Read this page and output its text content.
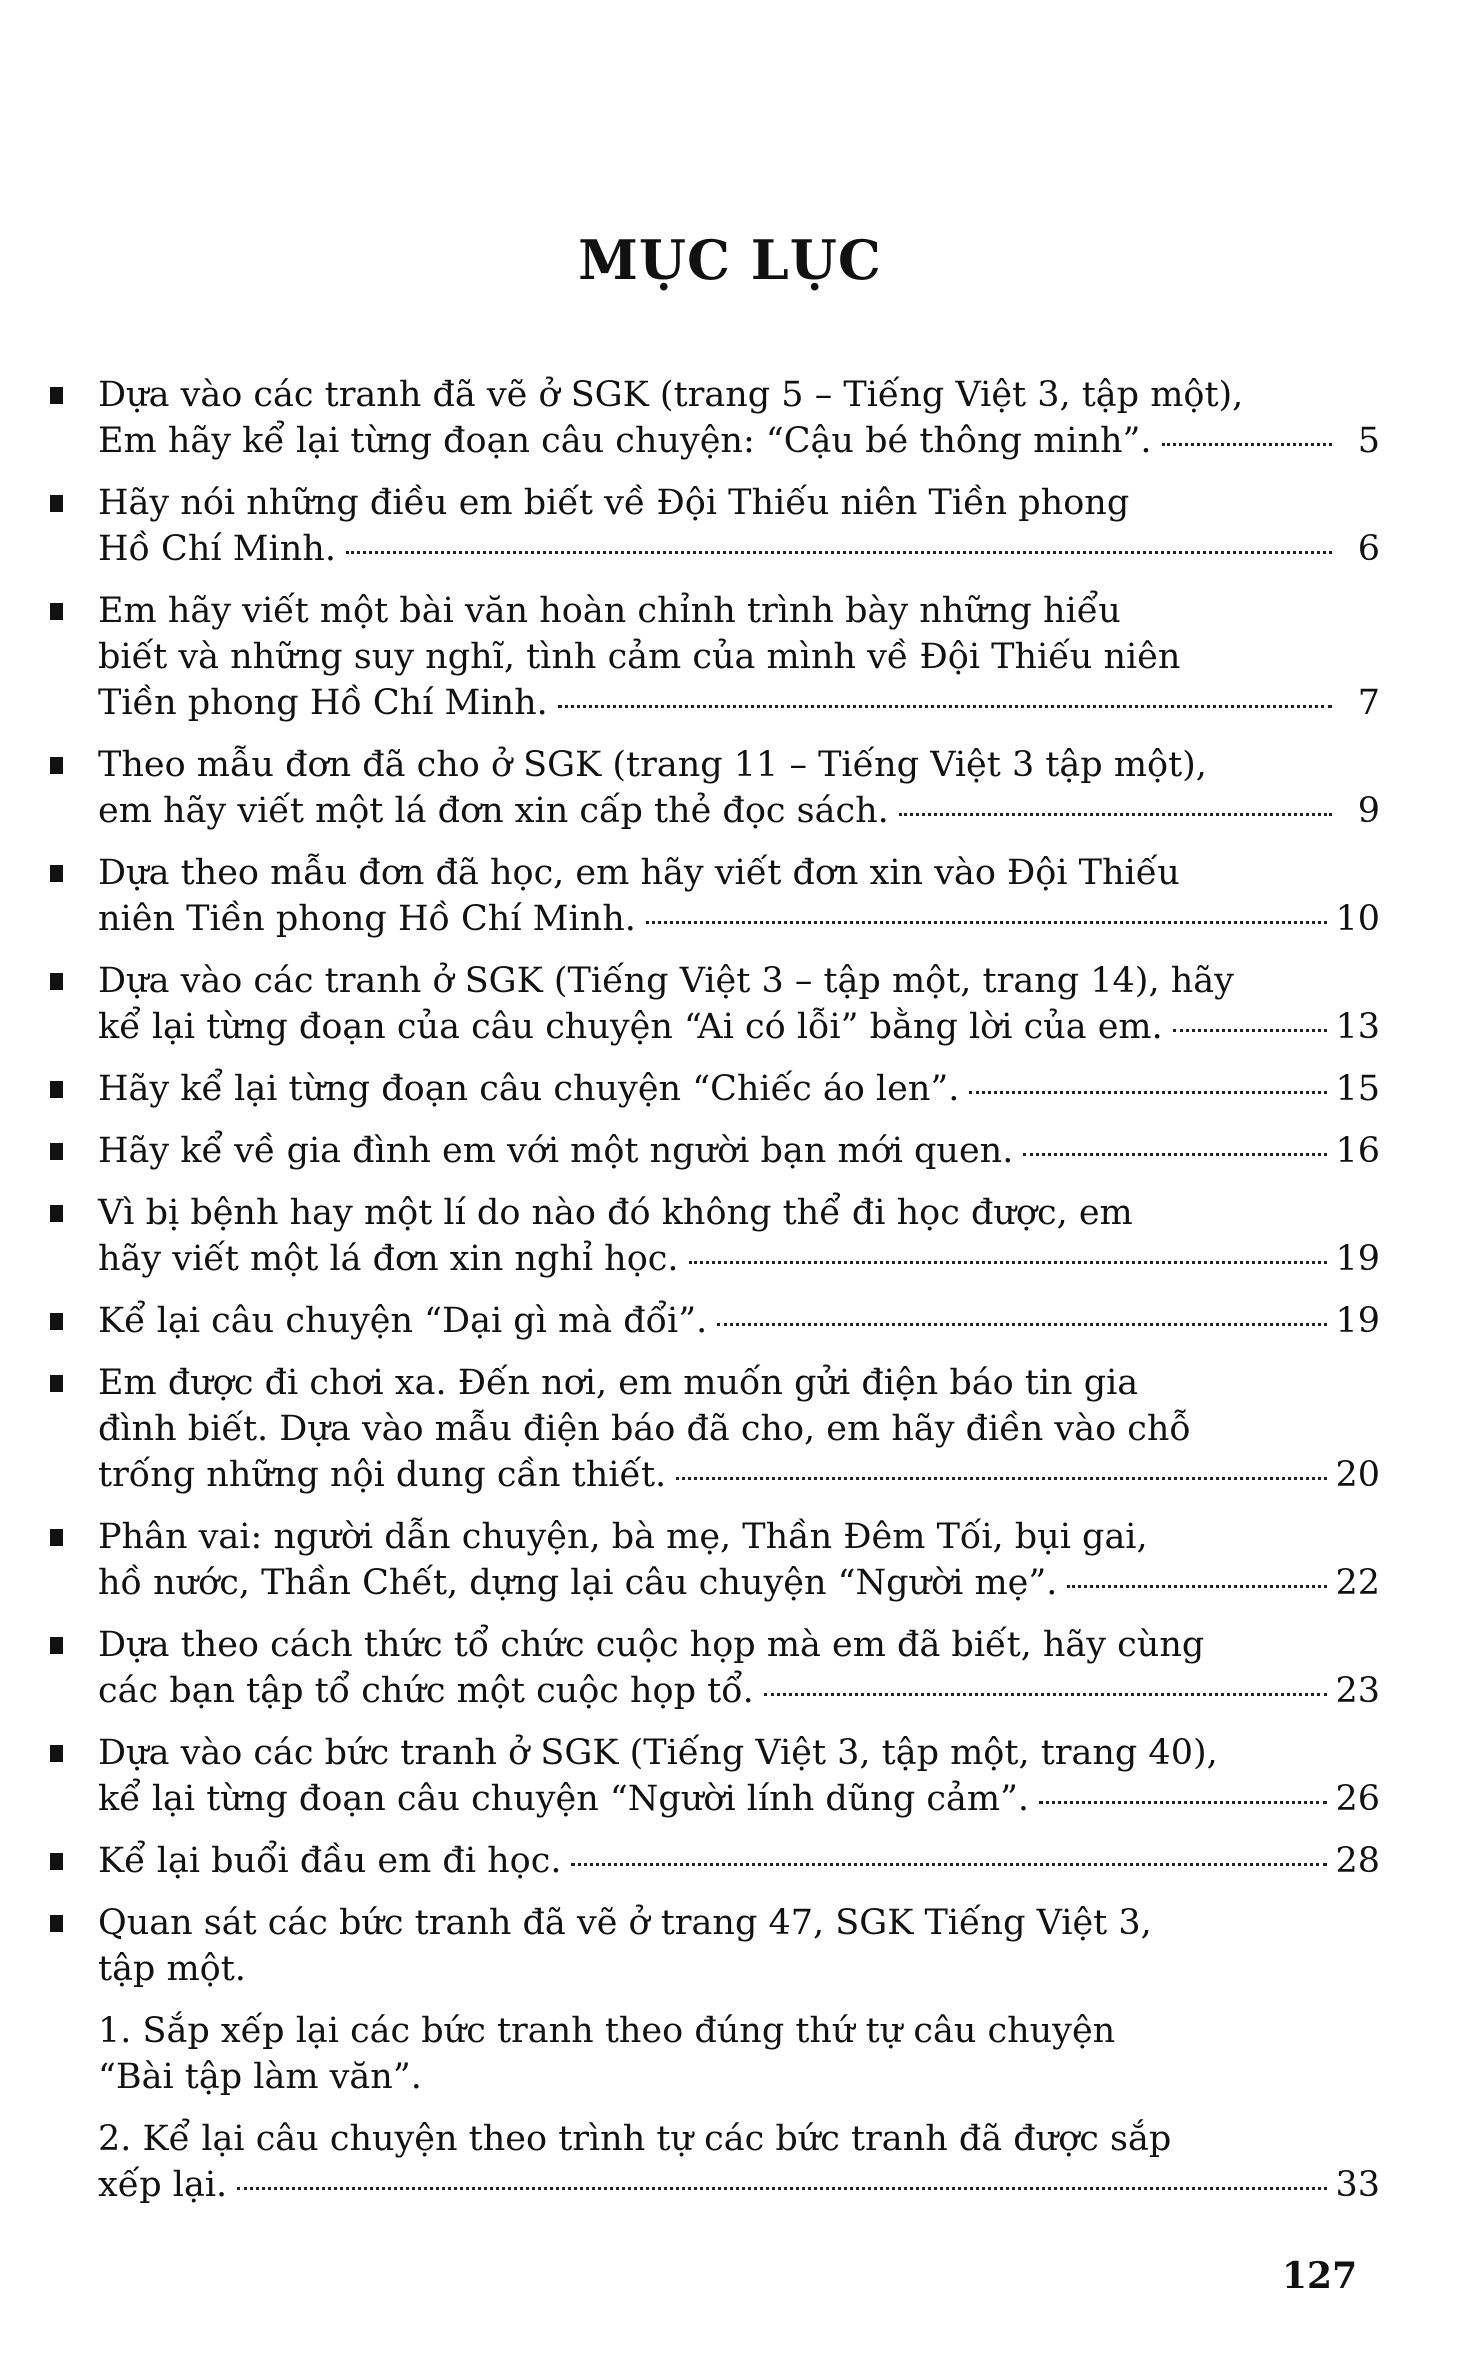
MỤC LỤC
Dựa vào các tranh đã vẽ ở SGK (trang 5 – Tiếng Việt 3, tập một),
Em hãy kể lại từng đoạn câu chuyện: “Cậu bé thông minh”.	5
Hãy nói những điều em biết về Đội Thiếu niên Tiền phong
Hồ Chí Minh.	6
Em hãy viết một bài văn hoàn chỉnh trình bày những hiểu
biết và những suy nghĩ, tình cảm của mình về Đội Thiếu niên
Tiền phong Hồ Chí Minh.	7
Theo mẫu đơn đã cho ở SGK (trang 11 – Tiếng Việt 3 tập một),
em hãy viết một lá đơn xin cấp thẻ đọc sách.	9
Dựa theo mẫu đơn đã học, em hãy viết đơn xin vào Đội Thiếu
niên Tiền phong Hồ Chí Minh.	10
Dựa vào các tranh ở SGK (Tiếng Việt 3 – tập một, trang 14), hãy
kể lại từng đoạn của câu chuyện “Ai có lỗi” bằng lời của em.	13
Hãy kể lại từng đoạn câu chuyện “Chiếc áo len”.	15
Hãy kể về gia đình em với một người bạn mới quen.	16
Vì bị bệnh hay một lí do nào đó không thể đi học được, em
hãy viết một lá đơn xin nghỉ học.	19
Kể lại câu chuyện “Dại gì mà đổi”.	19
Em được đi chơi xa. Đến nơi, em muốn gửi điện báo tin gia
đình biết. Dựa vào mẫu điện báo đã cho, em hãy điền vào chỗ
trống những nội dung cần thiết.	20
Phân vai: người dẫn chuyện, bà mẹ, Thần Đêm Tối, bụi gai,
hồ nước, Thần Chết, dựng lại câu chuyện “Người mẹ”.	22
Dựa theo cách thức tổ chức cuộc họp mà em đã biết, hãy cùng
các bạn tập tổ chức một cuộc họp tổ.	23
Dựa vào các bức tranh ở SGK (Tiếng Việt 3, tập một, trang 40),
kể lại từng đoạn câu chuyện “Người lính dũng cảm”.	26
Kể lại buổi đầu em đi học.	28
Quan sát các bức tranh đã vẽ ở trang 47, SGK Tiếng Việt 3,
tập một.
1. Sắp xếp lại các bức tranh theo đúng thứ tự câu chuyện
“Bài tập làm văn”.
2. Kể lại câu chuyện theo trình tự các bức tranh đã được sắp
xếp lại.	33
127
